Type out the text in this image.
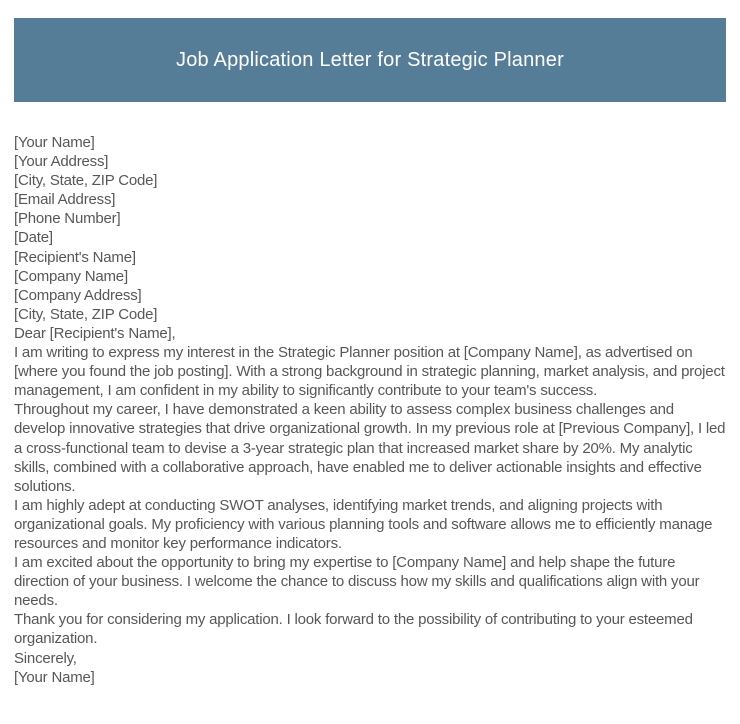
Job Application Letter for Strategic Planner
[Your Name]
[Your Address]
[City, State, ZIP Code]
[Email Address]
[Phone Number]
[Date]
[Recipient's Name]
[Company Name]
[Company Address]
[City, State, ZIP Code]
Dear [Recipient's Name],

I am writing to express my interest in the Strategic Planner position at [Company Name], as advertised on [where you found the job posting]. With a strong background in strategic planning, market analysis, and project management, I am confident in my ability to significantly contribute to your team's success.

Throughout my career, I have demonstrated a keen ability to assess complex business challenges and develop innovative strategies that drive organizational growth. In my previous role at [Previous Company], I led a cross-functional team to devise a 3-year strategic plan that increased market share by 20%. My analytic skills, combined with a collaborative approach, have enabled me to deliver actionable insights and effective solutions.

I am highly adept at conducting SWOT analyses, identifying market trends, and aligning projects with organizational goals. My proficiency with various planning tools and software allows me to efficiently manage resources and monitor key performance indicators.

I am excited about the opportunity to bring my expertise to [Company Name] and help shape the future direction of your business. I welcome the chance to discuss how my skills and qualifications align with your needs.

Thank you for considering my application. I look forward to the possibility of contributing to your esteemed organization.

Sincerely,
[Your Name]
